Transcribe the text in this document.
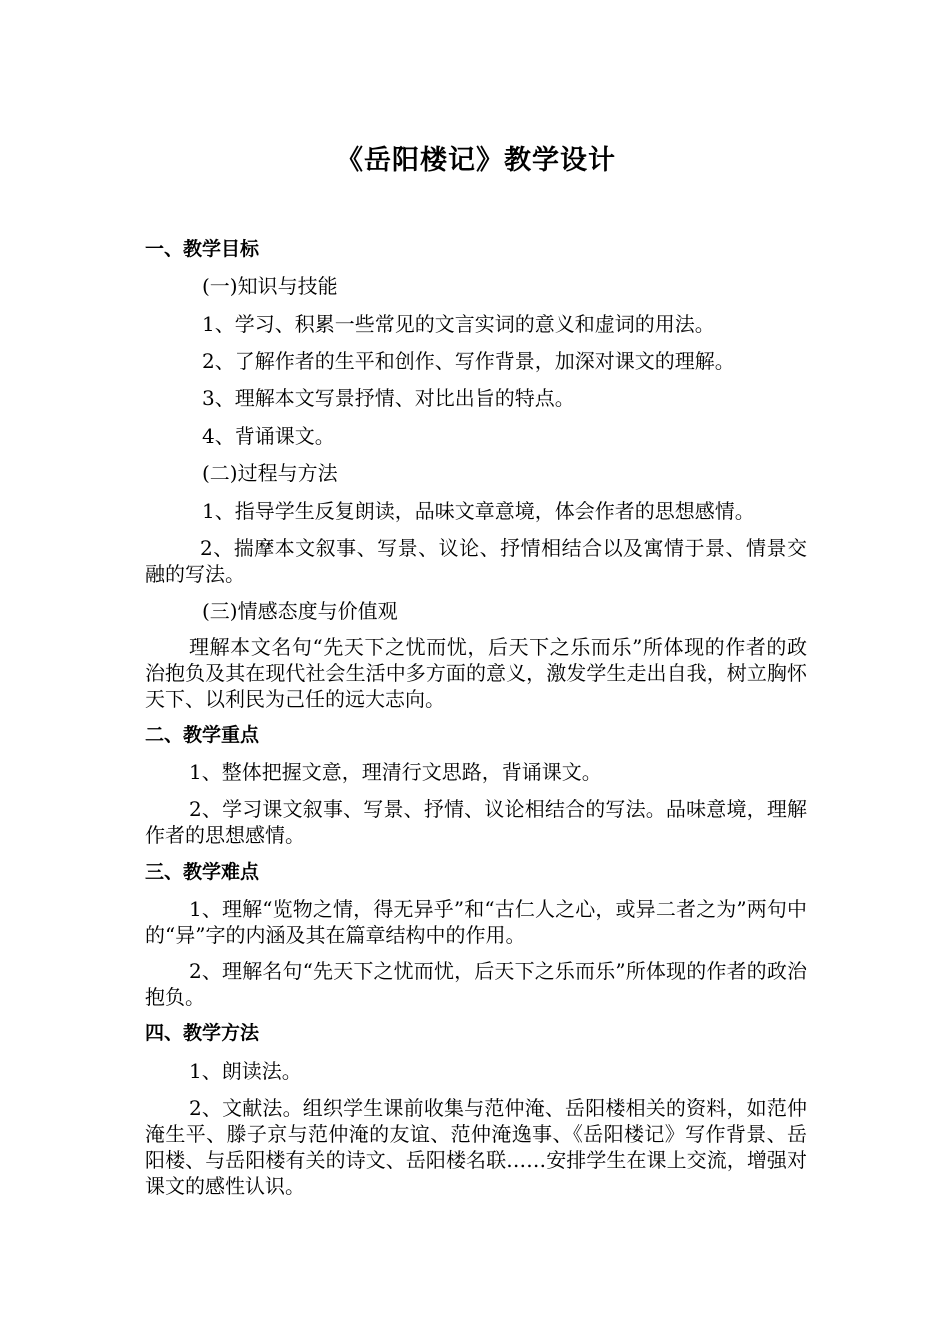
《岳阳楼记》教学设计
一、教学目标
(一)知识与技能
1、学习、积累一些常见的文言实词的意义和虚词的用法。
2、了解作者的生平和创作、写作背景，加深对课文的理解。
3、理解本文写景抒情、对比出旨的特点。
4、背诵课文。
(二)过程与方法
1、指导学生反复朗读，品味文章意境，体会作者的思想感情。

2、揣摩本文叙事、写景、议论、抒情相结合以及寓情于景、情景交融的写法。

(三)情感态度与价值观

理解本文名句“先天下之忧而忧，后天下之乐而乐”所体现的作者的政治抱负及其在现代社会生活中多方面的意义，激发学生走出自我，树立胸怀天下、以利民为己任的远大志向。

二、教学重点
1、整体把握文意，理清行文思路，背诵课文。

2、学习课文叙事、写景、抒情、议论相结合的写法。品味意境，理解作者的思想感情。

三、教学难点

1、理解“览物之情，得无异乎”和“古仁人之心，或异二者之为”两句中的“异”字的内涵及其在篇章结构中的作用。

2、理解名句“先天下之忧而忧，后天下之乐而乐”所体现的作者的政治抱负。

四、教学方法
1、朗读法。

2、文献法。组织学生课前收集与范仲淹、岳阳楼相关的资料，如范仲淹生平、滕子京与范仲淹的友谊、范仲淹逸事、《岳阳楼记》写作背景、岳阳楼、与岳阳楼有关的诗文、岳阳楼名联……安排学生在课上交流，增强对课文的感性认识。
